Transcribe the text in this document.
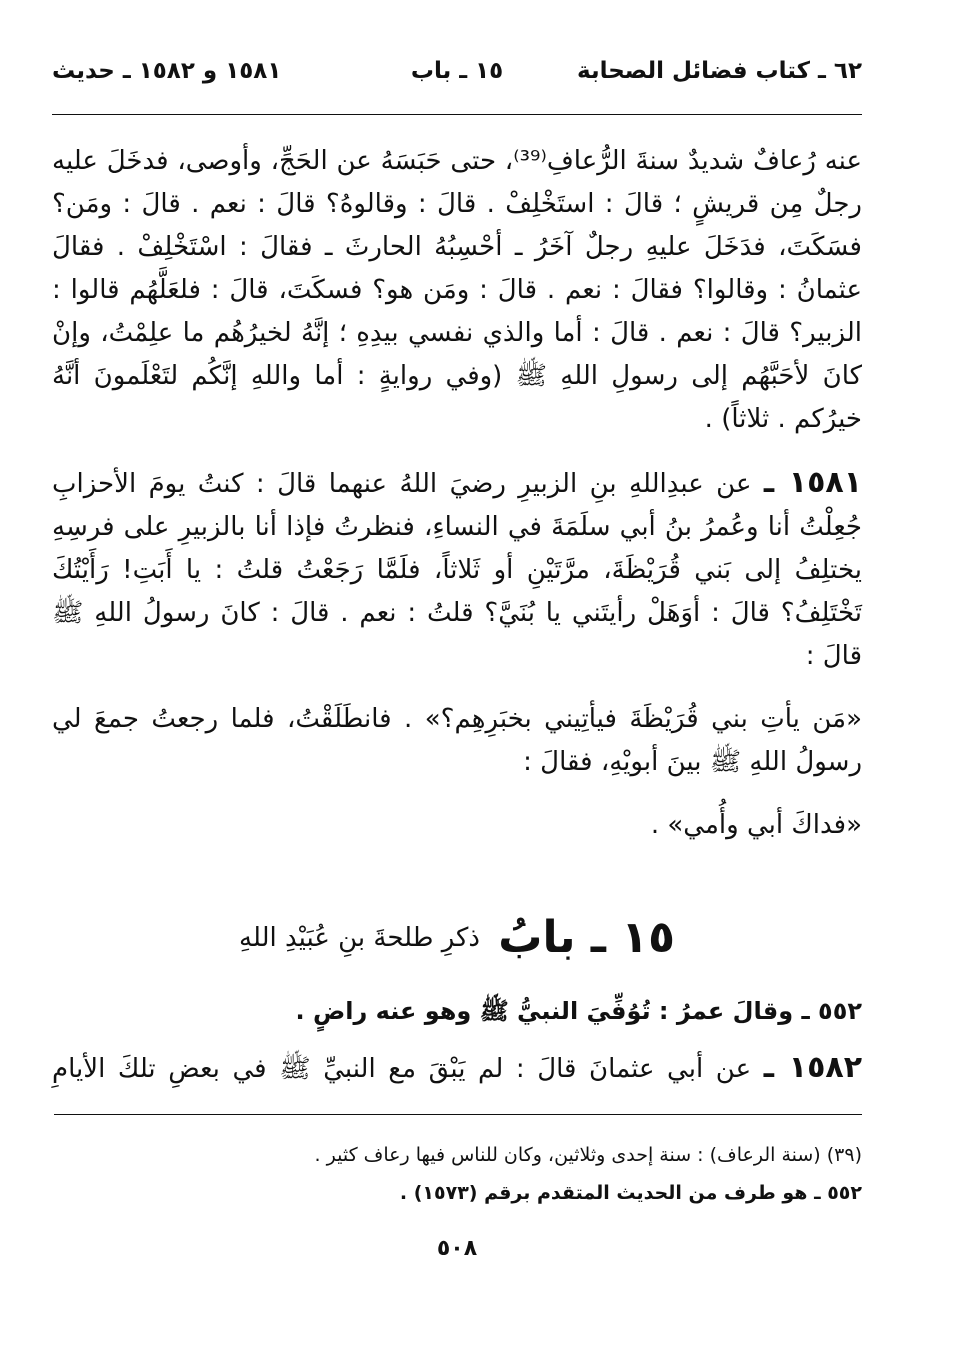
٦٢ ـ كتاب فضائل الصحابة
١٥ ـ باب
١٥٨١ و ١٥٨٢ ـ حديث

عنه رُعافٌ شديدٌ سنةَ الرُّعافِ⁽³⁹⁾، حتى حَبَسَهُ عن الحَجِّ، وأوصى، فدخَلَ عليه رجلٌ مِن قريشٍ ؛ قالَ : استَخْلِفْ . قالَ : وقالوهُ؟ قالَ : نعم . قالَ : ومَن؟ فسَكَتَ، فدَخَلَ عليهِ رجلٌ آخَرُ ـ أحْسِبُهُ الحارثَ ـ فقالَ : اسْتَخْلِفْ . فقالَ عثمانُ : وقالوا؟ فقالَ : نعم . قالَ : ومَن هو؟ فسكَتَ، قالَ : فلعَلَّهُم قالوا : الزبير؟ قالَ : نعم . قالَ : أما والذي نفسي بيدِهِ ؛ إنَّهُ لخيرُهُم ما علِمْتُ، وإنْ كانَ لأحَبَّهُم إلى رسولِ اللهِ ﷺ (وفي روايةٍ : أما واللهِ إنَّكُم لتَعْلَمونَ أنَّهُ خيرُكم . ثلاثاً) .

١٥٨١ ـ عن عبدِاللهِ بنِ الزبيرِ رضيَ اللهُ عنهما قالَ : كنتُ يومَ الأحزابِ جُعِلْتُ أنا وعُمرُ بنُ أبي سلَمَةَ في النساءِ، فنظرتُ فإذا أنا بالزبيرِ على فرسِهِ يختلِفُ إلى بَني قُرَيْظَةَ، مرَّتَيْنِ أو ثَلاثاً، فلَمَّا رَجَعْتُ قلتُ : يا أَبَتِ! رَأَيْتُكَ تَخْتَلِفُ؟ قالَ : أوَهَلْ رأيتَني يا بُنَيَّ؟ قلتُ : نعم . قالَ : كانَ رسولُ اللهِ ﷺ قالَ :

«مَن يأتِ بني قُرَيْظَةَ فيأتِيني بخبَرِهِم؟» . فانطَلَقْتُ، فلما رجعتُ جمعَ لي رسولُ اللهِ ﷺ بينَ أبويْهِ، فقالَ :

«فداكَ أبي وأُمي» .

١٥ ـ بابُ ذكرِ طلحةَ بنِ عُبَيْدِ اللهِ
٥٥٢ ـ وقالَ عمرُ : تُوُفِّيَ النبيُّ ﷺ وهو عنه راضٍ .
١٥٨٢ ـ عن أبي عثمانَ قالَ : لم يَبْقَ مع النبيِّ ﷺ في بعضِ تلكَ الأيامِ

(٣٩) (سنة الرعاف) : سنة إحدى وثلاثين، وكان للناس فيها رعاف كثير .

٥٥٢ ـ هو طرف من الحديث المتقدم برقم (١٥٧٣) .

٥٠٨
